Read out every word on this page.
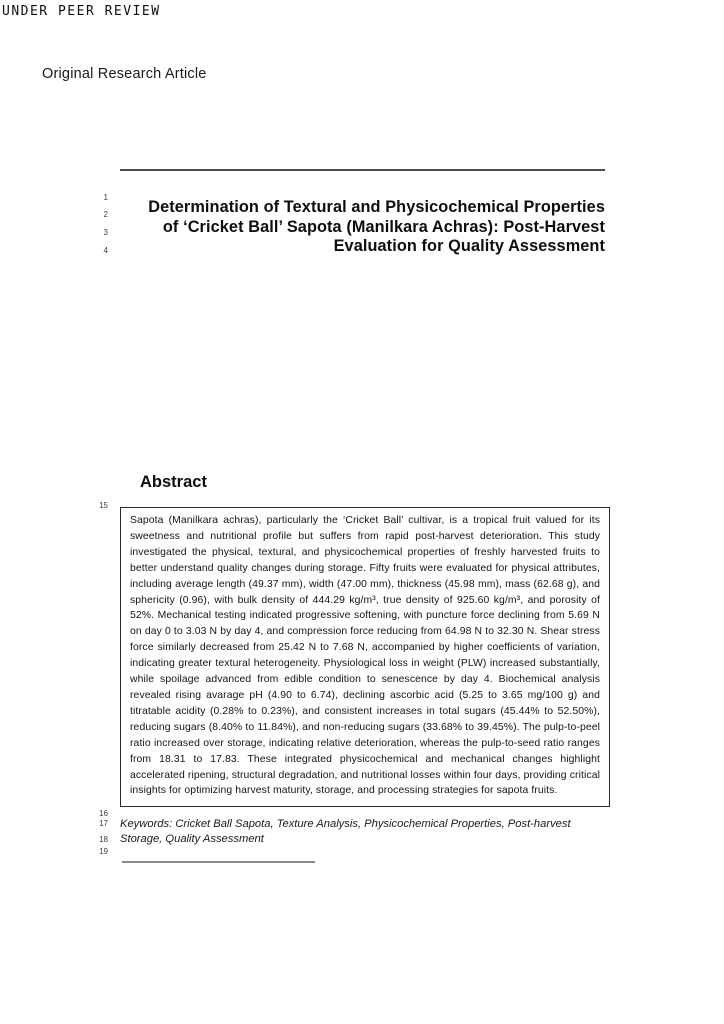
UNDER PEER REVIEW
Original Research Article
1
2
3
4
15
16
17
18
19
Determination of Textural and Physicochemical Properties
of ‘Cricket Ball’ Sapota (Manilkara Achras): Post-Harvest
Evaluation for Quality Assessment
Abstract
Sapota (Manilkara achras), particularly the ‘Cricket Ball’ cultivar, is a tropical fruit valued for its sweetness and nutritional profile but suffers from rapid post-harvest deterioration. This study investigated the physical, textural, and physicochemical properties of freshly harvested fruits to better understand quality changes during storage. Fifty fruits were evaluated for physical attributes, including average length (49.37 mm), width (47.00 mm), thickness (45.98 mm), mass (62.68 g), and sphericity (0.96), with bulk density of 444.29 kg/m³, true density of 925.60 kg/m³, and porosity of 52%. Mechanical testing indicated progressive softening, with puncture force declining from 5.69 N on day 0 to 3.03 N by day 4, and compression force reducing from 64.98 N to 32.30 N. Shear stress force similarly decreased from 25.42 N to 7.68 N, accompanied by higher coefficients of variation, indicating greater textural heterogeneity. Physiological loss in weight (PLW) increased substantially, while spoilage advanced from edible condition to senescence by day 4. Biochemical analysis revealed rising avarage pH (4.90 to 6.74), declining ascorbic acid (5.25 to 3.65 mg/100 g) and titratable acidity (0.28% to 0.23%), and consistent increases in total sugars (45.44% to 52.50%), reducing sugars (8.40% to 11.84%), and non-reducing sugars (33.68% to 39.45%). The pulp-to-peel ratio increased over storage, indicating relative deterioration, whereas the pulp-to-seed ratio ranges from 18.31 to 17.83. These integrated physicochemical and mechanical changes highlight accelerated ripening, structural degradation, and nutritional losses within four days, providing critical insights for optimizing harvest maturity, storage, and processing strategies for sapota fruits.
Keywords: Cricket Ball Sapota, Texture Analysis, Physicochemical Properties, Post-harvest Storage, Quality Assessment
